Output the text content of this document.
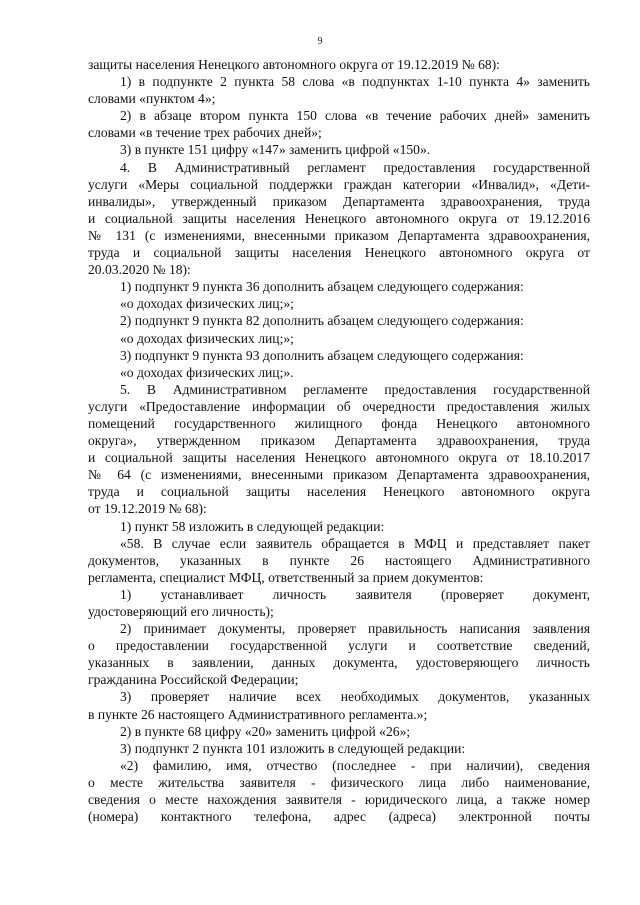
9
защиты населения Ненецкого автономного округа от 19.12.2019 № 68):
1) в подпункте 2 пункта 58 слова «в подпунктах 1-10 пункта 4» заменить
словами «пунктом 4»;
2) в абзаце втором пункта 150 слова «в течение рабочих дней» заменить
словами «в течение трех рабочих дней»;
3) в пункте 151 цифру «147» заменить цифрой «150».
4. В Административный регламент предоставления государственной
услуги «Меры социальной поддержки граждан категории «Инвалид», «Дети-
инвалиды», утвержденный приказом Департамента здравоохранения, труда
и социальной защиты населения Ненецкого автономного округа от 19.12.2016
№ 131 (с изменениями, внесенными приказом Департамента здравоохранения,
труда и социальной защиты населения Ненецкого автономного округа от
20.03.2020 № 18):
1) подпункт 9 пункта 36 дополнить абзацем следующего содержания:
«о доходах физических лиц;»;
2) подпункт 9 пункта 82 дополнить абзацем следующего содержания:
«о доходах физических лиц;»;
3) подпункт 9 пункта 93 дополнить абзацем следующего содержания:
«о доходах физических лиц;».
5. В Административном регламенте предоставления государственной
услуги «Предоставление информации об очередности предоставления жилых
помещений государственного жилищного фонда Ненецкого автономного
округа», утвержденном приказом Департамента здравоохранения, труда
и социальной защиты населения Ненецкого автономного округа от 18.10.2017
№ 64 (с изменениями, внесенными приказом Департамента здравоохранения,
труда и социальной защиты населения Ненецкого автономного округа
от 19.12.2019 № 68):
1) пункт 58 изложить в следующей редакции:
«58. В случае если заявитель обращается в МФЦ и представляет пакет
документов, указанных в пункте 26 настоящего Административного
регламента, специалист МФЦ, ответственный за прием документов:
1) устанавливает личность заявителя (проверяет документ,
удостоверяющий его личность);
2) принимает документы, проверяет правильность написания заявления
о предоставлении государственной услуги и соответствие сведений,
указанных в заявлении, данных документа, удостоверяющего личность
гражданина Российской Федерации;
3) проверяет наличие всех необходимых документов, указанных
в пункте 26 настоящего Административного регламента.»;
2) в пункте 68 цифру «20» заменить цифрой «26»;
3) подпункт 2 пункта 101 изложить в следующей редакции:
«2) фамилию, имя, отчество (последнее - при наличии), сведения
о месте жительства заявителя - физического лица либо наименование,
сведения о месте нахождения заявителя - юридического лица, а также номер
(номера) контактного телефона, адрес (адреса) электронной почты
